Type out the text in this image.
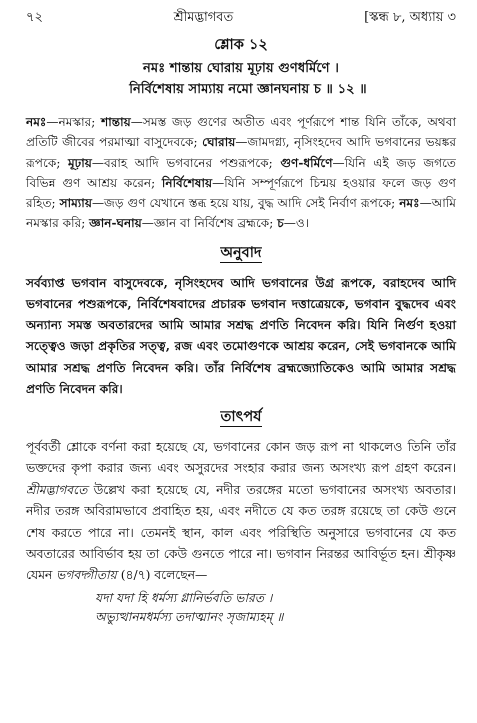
৭২	শ্রীমদ্ভাগবত	[স্কন্ধ ৮, অধ্যায় ৩
শ্লোক ১২
নমঃ শান্তায় ঘোরায় মূঢ়ায় গুণধর্মিণে ।
নির্বিশেষায় সাম্যায় নমো জ্ঞানঘনায় চ ॥ ১২ ॥
নমঃ—নমস্কার; শান্তায়—সমস্ত জড় গুণের অতীত এবং পূর্ণরূপে শান্ত যিনি তাঁকে, অথবা প্রতিটি জীবের পরমাত্মা বাসুদেবকে; ঘোরায়—জামদগ্ন্য, নৃসিংহদেব আদি ভগবানের ভয়ঙ্কর রূপকে; মূঢ়ায়—বরাহ আদি ভগবানের পশুরূপকে; গুণ-ধর্মিণে—যিনি এই জড় জগতে বিভিন্ন গুণ আশ্রয় করেন; নির্বিশেষায়—যিনি সম্পূর্ণরূপে চিন্ময় হওয়ার ফলে জড় গুণ রহিত; সাম্যায়—জড় গুণ যেখানে স্তব্ধ হয়ে যায়, বুদ্ধ আদি সেই নির্বাণ রূপকে; নমঃ—আমি নমস্কার করি; জ্ঞান-ঘনায়—জ্ঞান বা নির্বিশেষ ব্রহ্মকে; চ—ও।
অনুবাদ
সর্বব্যাপ্ত ভগবান বাসুদেবকে, নৃসিংহদেব আদি ভগবানের উগ্র রূপকে, বরাহদেব আদি ভগবানের পশুরূপকে, নির্বিশেষবাদের প্রচারক ভগবান দত্তাত্রেয়কে, ভগবান বুদ্ধদেব এবং অন্যান্য সমস্ত অবতারদের আমি আমার সশ্রদ্ধ প্রণতি নিবেদন করি। যিনি নির্গুণ হওয়া সত্ত্বেও জড়া প্রকৃতির সত্ত্ব, রজ এবং তমোগুণকে আশ্রয় করেন, সেই ভগবানকে আমি আমার সশ্রদ্ধ প্রণতি নিবেদন করি। তাঁর নির্বিশেষ ব্রহ্মজ্যোতিকেও আমি আমার সশ্রদ্ধ প্রণতি নিবেদন করি।
তাৎপর্য
পূর্ববর্তী শ্লোকে বর্ণনা করা হয়েছে যে, ভগবানের কোন জড় রূপ না থাকলেও তিনি তাঁর ভক্তদের কৃপা করার জন্য এবং অসুরদের সংহার করার জন্য অসংখ্য রূপ গ্রহণ করেন। শ্রীমদ্ভাগবতে উল্লেখ করা হয়েছে যে, নদীর তরঙ্গের মতো ভগবানের অসংখ্য অবতার। নদীর তরঙ্গ অবিরামভাবে প্রবাহিত হয়, এবং নদীতে যে কত তরঙ্গ রয়েছে তা কেউ গুনে শেষ করতে পারে না। তেমনই স্থান, কাল এবং পরিস্থিতি অনুসারে ভগবানের যে কত অবতারের আবির্ভাব হয় তা কেউ গুনতে পারে না। ভগবান নিরন্তর আবির্ভূত হন। শ্রীকৃষ্ণ যেমন ভগবদ্গীতায় (৪/৭) বলেছেন—
যদা যদা হি ধর্মস্য গ্লানির্ভবতি ভারত ।
অভ্যুত্থানমধর্মস্য তদাত্মানং সৃজাম্যহম্ ॥
